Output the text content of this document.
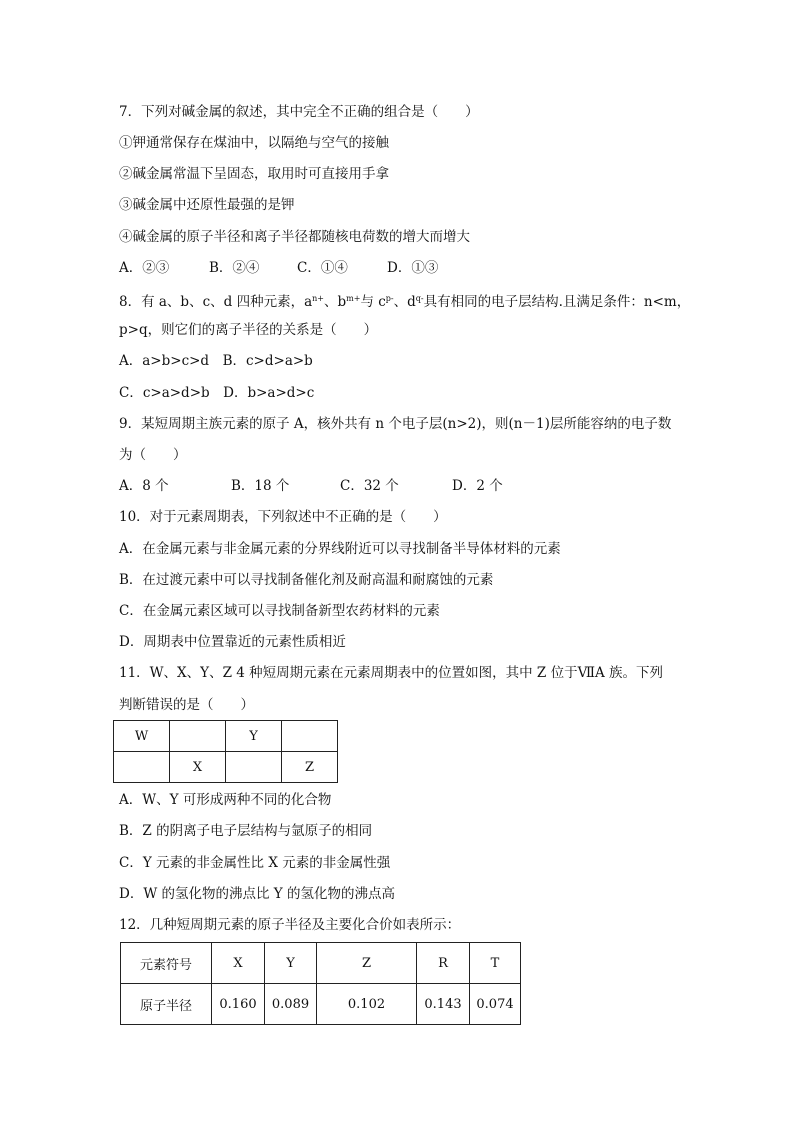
7．下列对碱金属的叙述，其中完全不正确的组合是（　　）
①钾通常保存在煤油中，以隔绝与空气的接触
②碱金属常温下呈固态，取用时可直接用手拿
③碱金属中还原性最强的是钾
④碱金属的原子半径和离子半径都随核电荷数的增大而增大
A．②③	B．②④	C．①④	D．①③
8．有 a、b、c、d 四种元素，$a^{n+}$、$b^{m+}$与 $c^{p-}$、$d^{q-}$具有相同的电子层结构.且满足条件：n<m，
p>q，则它们的离子半径的关系是（　　）
A．a>b>c>d　B．c>d>a>b
C．c>a>d>b　D．b>a>d>c
9．某短周期主族元素的原子 A，核外共有 n 个电子层(n>2)，则(n－1)层所能容纳的电子数
为（　　）
A．8 个	B．18 个	C．32 个	D．2 个
10．对于元素周期表，下列叙述中不正确的是（　　）
A．在金属元素与非金属元素的分界线附近可以寻找制备半导体材料的元素
B．在过渡元素中可以寻找制备催化剂及耐高温和耐腐蚀的元素
C．在金属元素区域可以寻找制备新型农药材料的元素
D．周期表中位置靠近的元素性质相近
11．W、X、Y、Z 4 种短周期元素在元素周期表中的位置如图，其中 Z 位于ⅦA 族。下列
判断错误的是（　　）
W		Y	
	X		Z
A．W、Y 可形成两种不同的化合物
B．Z 的阴离子电子层结构与氩原子的相同
C．Y 元素的非金属性比 X 元素的非金属性强
D．W 的氢化物的沸点比 Y 的氢化物的沸点高
12．几种短周期元素的原子半径及主要化合价如表所示：
元素符号	X	Y	Z	R	T
原子半径	0.160	0.089	0.102	0.143	0.074
